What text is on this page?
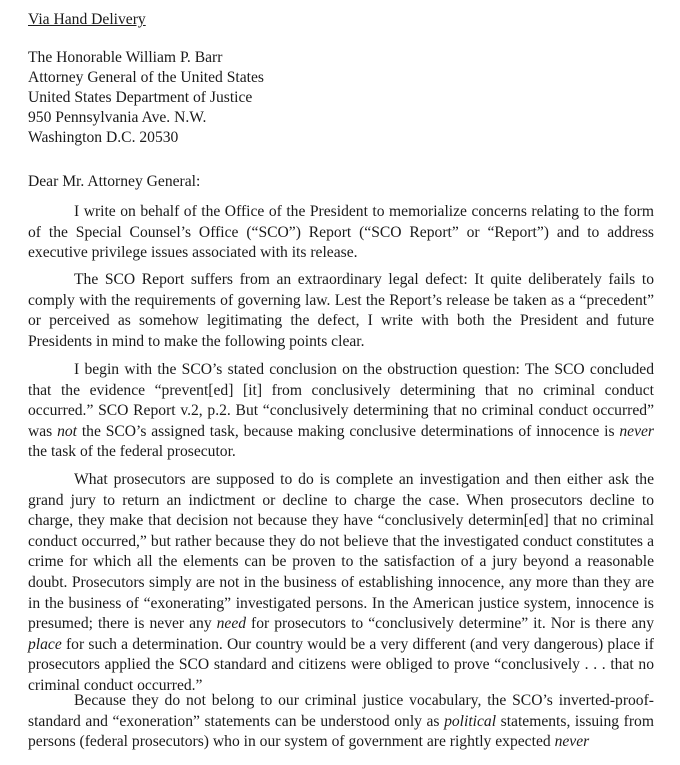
Via Hand Delivery
The Honorable William P. Barr
Attorney General of the United States
United States Department of Justice
950 Pennsylvania Ave. N.W.
Washington D.C. 20530
Dear Mr. Attorney General:
I write on behalf of the Office of the President to memorialize concerns relating to the form of the Special Counsel’s Office (“SCO”) Report (“SCO Report” or “Report”) and to address executive privilege issues associated with its release.
The SCO Report suffers from an extraordinary legal defect: It quite deliberately fails to comply with the requirements of governing law. Lest the Report’s release be taken as a “precedent” or perceived as somehow legitimating the defect, I write with both the President and future Presidents in mind to make the following points clear.
I begin with the SCO’s stated conclusion on the obstruction question: The SCO concluded that the evidence “prevent[ed] [it] from conclusively determining that no criminal conduct occurred.” SCO Report v.2, p.2. But “conclusively determining that no criminal conduct occurred” was not the SCO’s assigned task, because making conclusive determinations of innocence is never the task of the federal prosecutor.
What prosecutors are supposed to do is complete an investigation and then either ask the grand jury to return an indictment or decline to charge the case. When prosecutors decline to charge, they make that decision not because they have “conclusively determin[ed] that no criminal conduct occurred,” but rather because they do not believe that the investigated conduct constitutes a crime for which all the elements can be proven to the satisfaction of a jury beyond a reasonable doubt. Prosecutors simply are not in the business of establishing innocence, any more than they are in the business of “exonerating” investigated persons. In the American justice system, innocence is presumed; there is never any need for prosecutors to “conclusively determine” it. Nor is there any place for such a determination. Our country would be a very different (and very dangerous) place if prosecutors applied the SCO standard and citizens were obliged to prove “conclusively . . . that no criminal conduct occurred.”
Because they do not belong to our criminal justice vocabulary, the SCO’s inverted-proof-standard and “exoneration” statements can be understood only as political statements, issuing from persons (federal prosecutors) who in our system of government are rightly expected never
